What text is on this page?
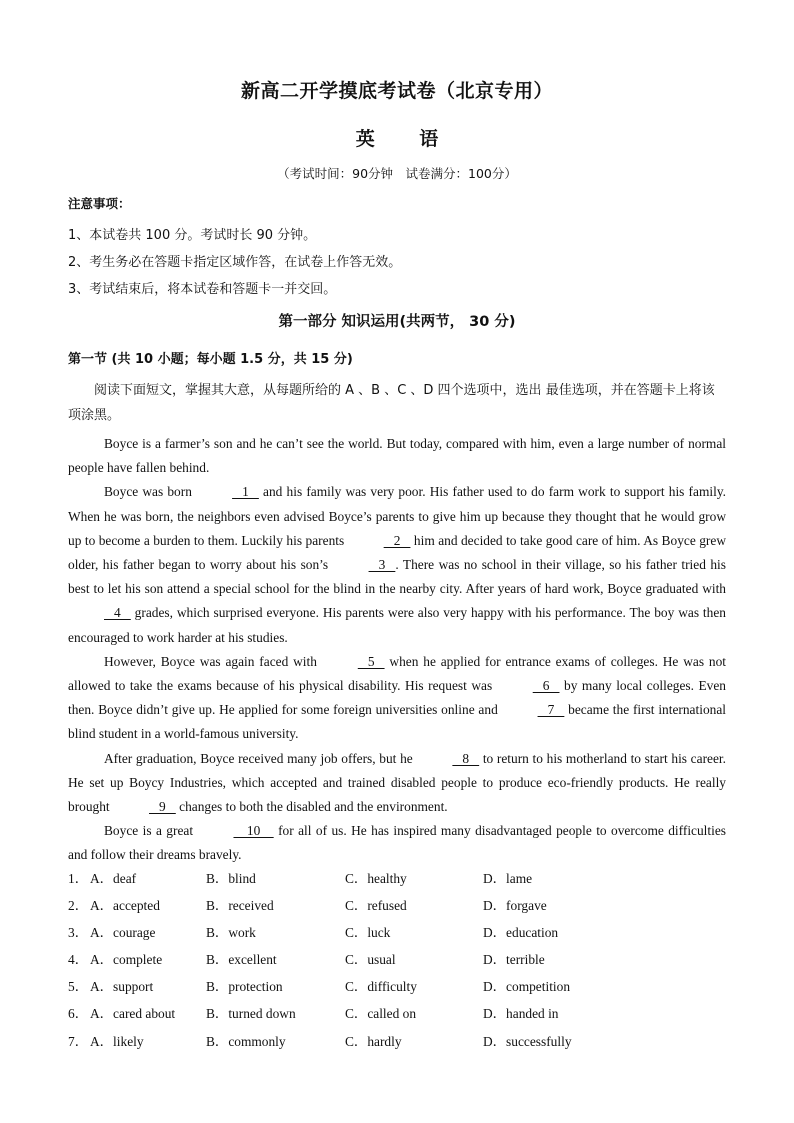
新高二开学摸底考试卷（北京专用）
英 语
（考试时间：90分钟　试卷满分：100分）
注意事项：
1、本试卷共 100 分。考试时长 90 分钟。
2、考生务必在答题卡指定区域作答，在试卷上作答无效。
3、考试结束后，将本试卷和答题卡一并交回。
第一部分 知识运用(共两节， 30 分)
第一节 (共 10 小题；每小题 1.5 分，共 15 分)
阅读下面短文，掌握其大意，从每题所给的 A 、B 、C 、D 四个选项中，选出 最佳选项，并在答题卡上将该项涂黑。

Boyce is a farmer’s son and he can’t see the world. But today, compared with him, even a large number of normal people have fallen behind.

Boyce was born	1    and his family was very poor. His father used to do farm work to support his family. When he was born, the neighbors even advised Boyce’s parents to give him up because they thought that he would grow up to become a burden to them. Luckily his parents	2    him and decided to take good care of him. As Boyce grew older, his father began to worry about his son’s	3   . There was no school in their village, so his father tried his best to let his son attend a special school for the blind in the nearby city. After years of hard work, Boyce graduated with    4    grades, which surprised everyone. His parents were also very happy with his performance. The boy was then encouraged to work harder at his studies.

However, Boyce was again faced with	5    when he applied for entrance exams of colleges. He was not allowed to take the exams because of his physical disability. His request was	6    by many local colleges. Even then. Boyce didn’t give up. He applied for some foreign universities online and	7    became the first international blind student in a world-famous university.

After graduation, Boyce received many job offers, but he	8    to return to his motherland to start his career. He set up Boycy Industries, which accepted and trained disabled people to produce eco-friendly products. He really brought	9    changes to both the disabled and the environment.

Boyce is a great	10     for all of us. He has inspired many disadvantaged people to overcome difficulties and follow their dreams bravely.

1． A．deaf	B．blind	C．healthy	D．lame
2． A．accepted	B．received	C．refused	D．forgave
3． A．courage	B．work	C．luck	D．education
4． A．complete	B．excellent	C．usual	D．terrible
5． A．support	B．protection	C．difficulty	D．competition
6． A．cared about B．turned down	C．called on	D．handed in
7． A．likely	B．commonly	C．hardly	D．successfully
